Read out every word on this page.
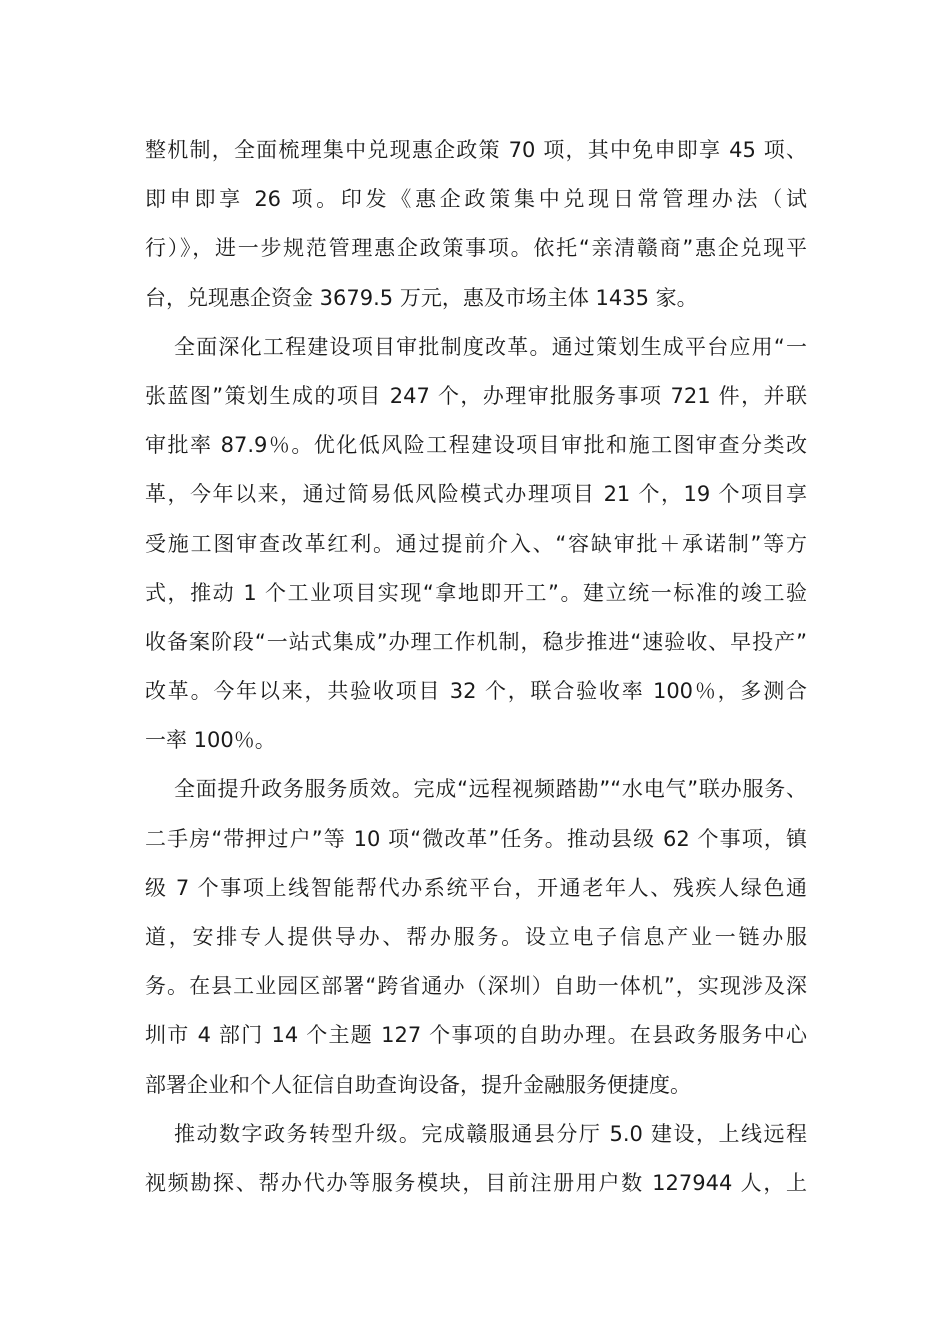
整机制，全面梳理集中兑现惠企政策 70 项，其中免申即享 45 项、
即申即享 26 项。印发《惠企政策集中兑现日常管理办法（试
行）》，进一步规范管理惠企政策事项。依托“亲清赣商”惠企兑现平
台，兑现惠企资金 3679.5 万元，惠及市场主体 1435 家。
全面深化工程建设项目审批制度改革。通过策划生成平台应用“一
张蓝图”策划生成的项目 247 个，办理审批服务事项 721 件，并联
审批率 87.9％。优化低风险工程建设项目审批和施工图审查分类改
革，今年以来，通过简易低风险模式办理项目 21 个，19 个项目享
受施工图审查改革红利。通过提前介入、“容缺审批＋承诺制”等方
式，推动 1 个工业项目实现“拿地即开工”。建立统一标准的竣工验
收备案阶段“一站式集成”办理工作机制，稳步推进“速验收、早投产”
改革。今年以来，共验收项目 32 个，联合验收率 100％，多测合
一率 100％。
全面提升政务服务质效。完成“远程视频踏勘”“水电气”联办服务、
二手房“带押过户”等 10 项“微改革”任务。推动县级 62 个事项，镇
级 7 个事项上线智能帮代办系统平台，开通老年人、残疾人绿色通
道，安排专人提供导办、帮办服务。设立电子信息产业一链办服
务。在县工业园区部署“跨省通办（深圳）自助一体机”，实现涉及深
圳市 4 部门 14 个主题 127 个事项的自助办理。在县政务服务中心
部署企业和个人征信自助查询设备，提升金融服务便捷度。
推动数字政务转型升级。完成赣服通县分厅 5.0 建设，上线远程
视频勘探、帮办代办等服务模块，目前注册用户数 127944 人，上
